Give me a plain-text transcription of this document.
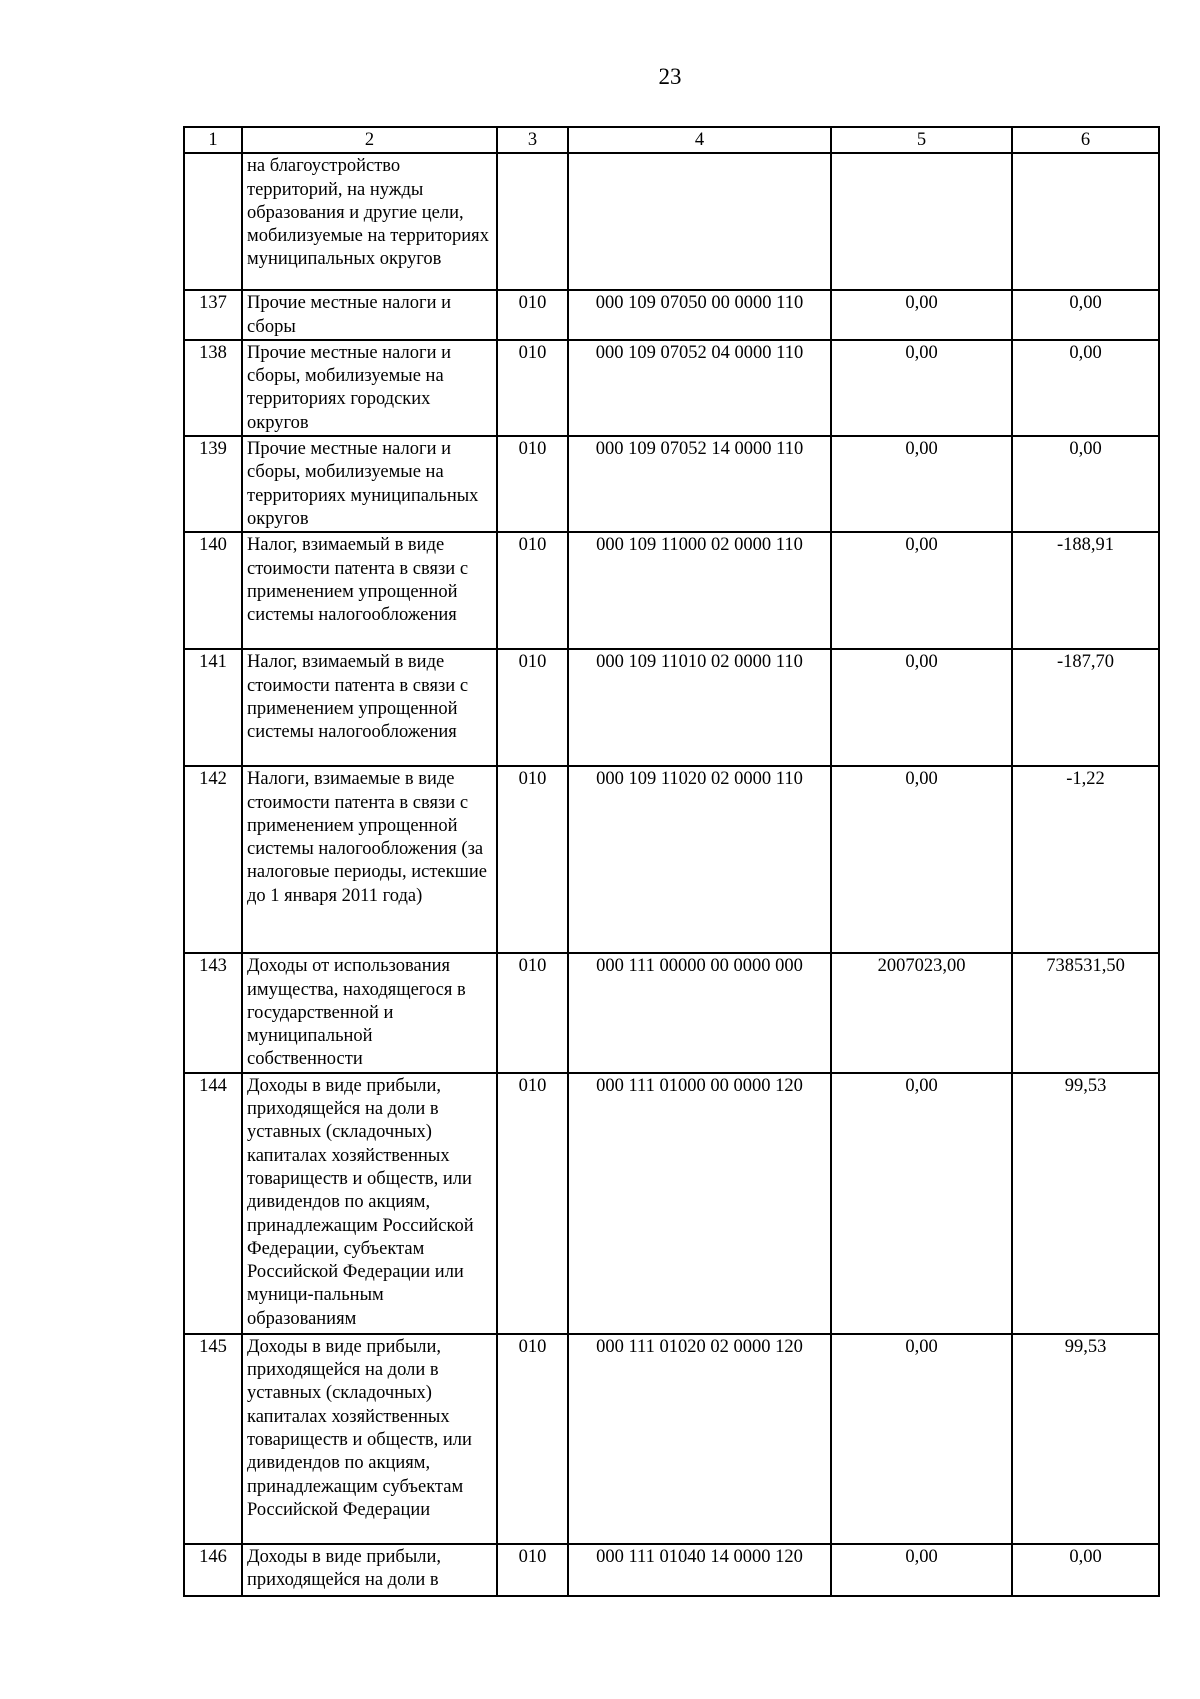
23
1	2	3	4	5	6
	на благоустройство территорий, на нужды образования и другие цели, мобилизуемые на территориях муниципальных округов				
137	Прочие местные налоги и сборы	010	000 109 07050 00 0000 110	0,00	0,00
138	Прочие местные налоги и сборы, мобилизуемые на территориях городских округов	010	000 109 07052 04 0000 110	0,00	0,00
139	Прочие местные налоги и сборы, мобилизуемые на территориях муниципальных округов	010	000 109 07052 14 0000 110	0,00	0,00
140	Налог, взимаемый в виде стоимости патента в связи с применением упрощенной системы налогообложения	010	000 109 11000 02 0000 110	0,00	-188,91
141	Налог, взимаемый в виде стоимости патента в связи с применением упрощенной системы налогообложения	010	000 109 11010 02 0000 110	0,00	-187,70
142	Налоги, взимаемые в виде стоимости патента в связи с применением упрощенной системы налогообложения (за налоговые периоды, истекшие до 1 января 2011 года)	010	000 109 11020 02 0000 110	0,00	-1,22
143	Доходы от использования имущества, находящегося в государственной и муниципальной собственности	010	000 111 00000 00 0000 000	2007023,00	738531,50
144	Доходы в виде прибыли, приходящейся на доли в уставных (складочных) капиталах хозяйственных товариществ и обществ, или дивидендов по акциям, принадлежащим Российской Федерации, субъектам Российской Федерации или муници-пальным образованиям	010	000 111 01000 00 0000 120	0,00	99,53
145	Доходы в виде прибыли, приходящейся на доли в уставных (складочных) капиталах хозяйственных товариществ и обществ, или дивидендов по акциям, принадлежащим субъектам Российской Федерации	010	000 111 01020 02 0000 120	0,00	99,53
146	Доходы в виде прибыли, приходящейся на доли в	010	000 111 01040 14 0000 120	0,00	0,00
